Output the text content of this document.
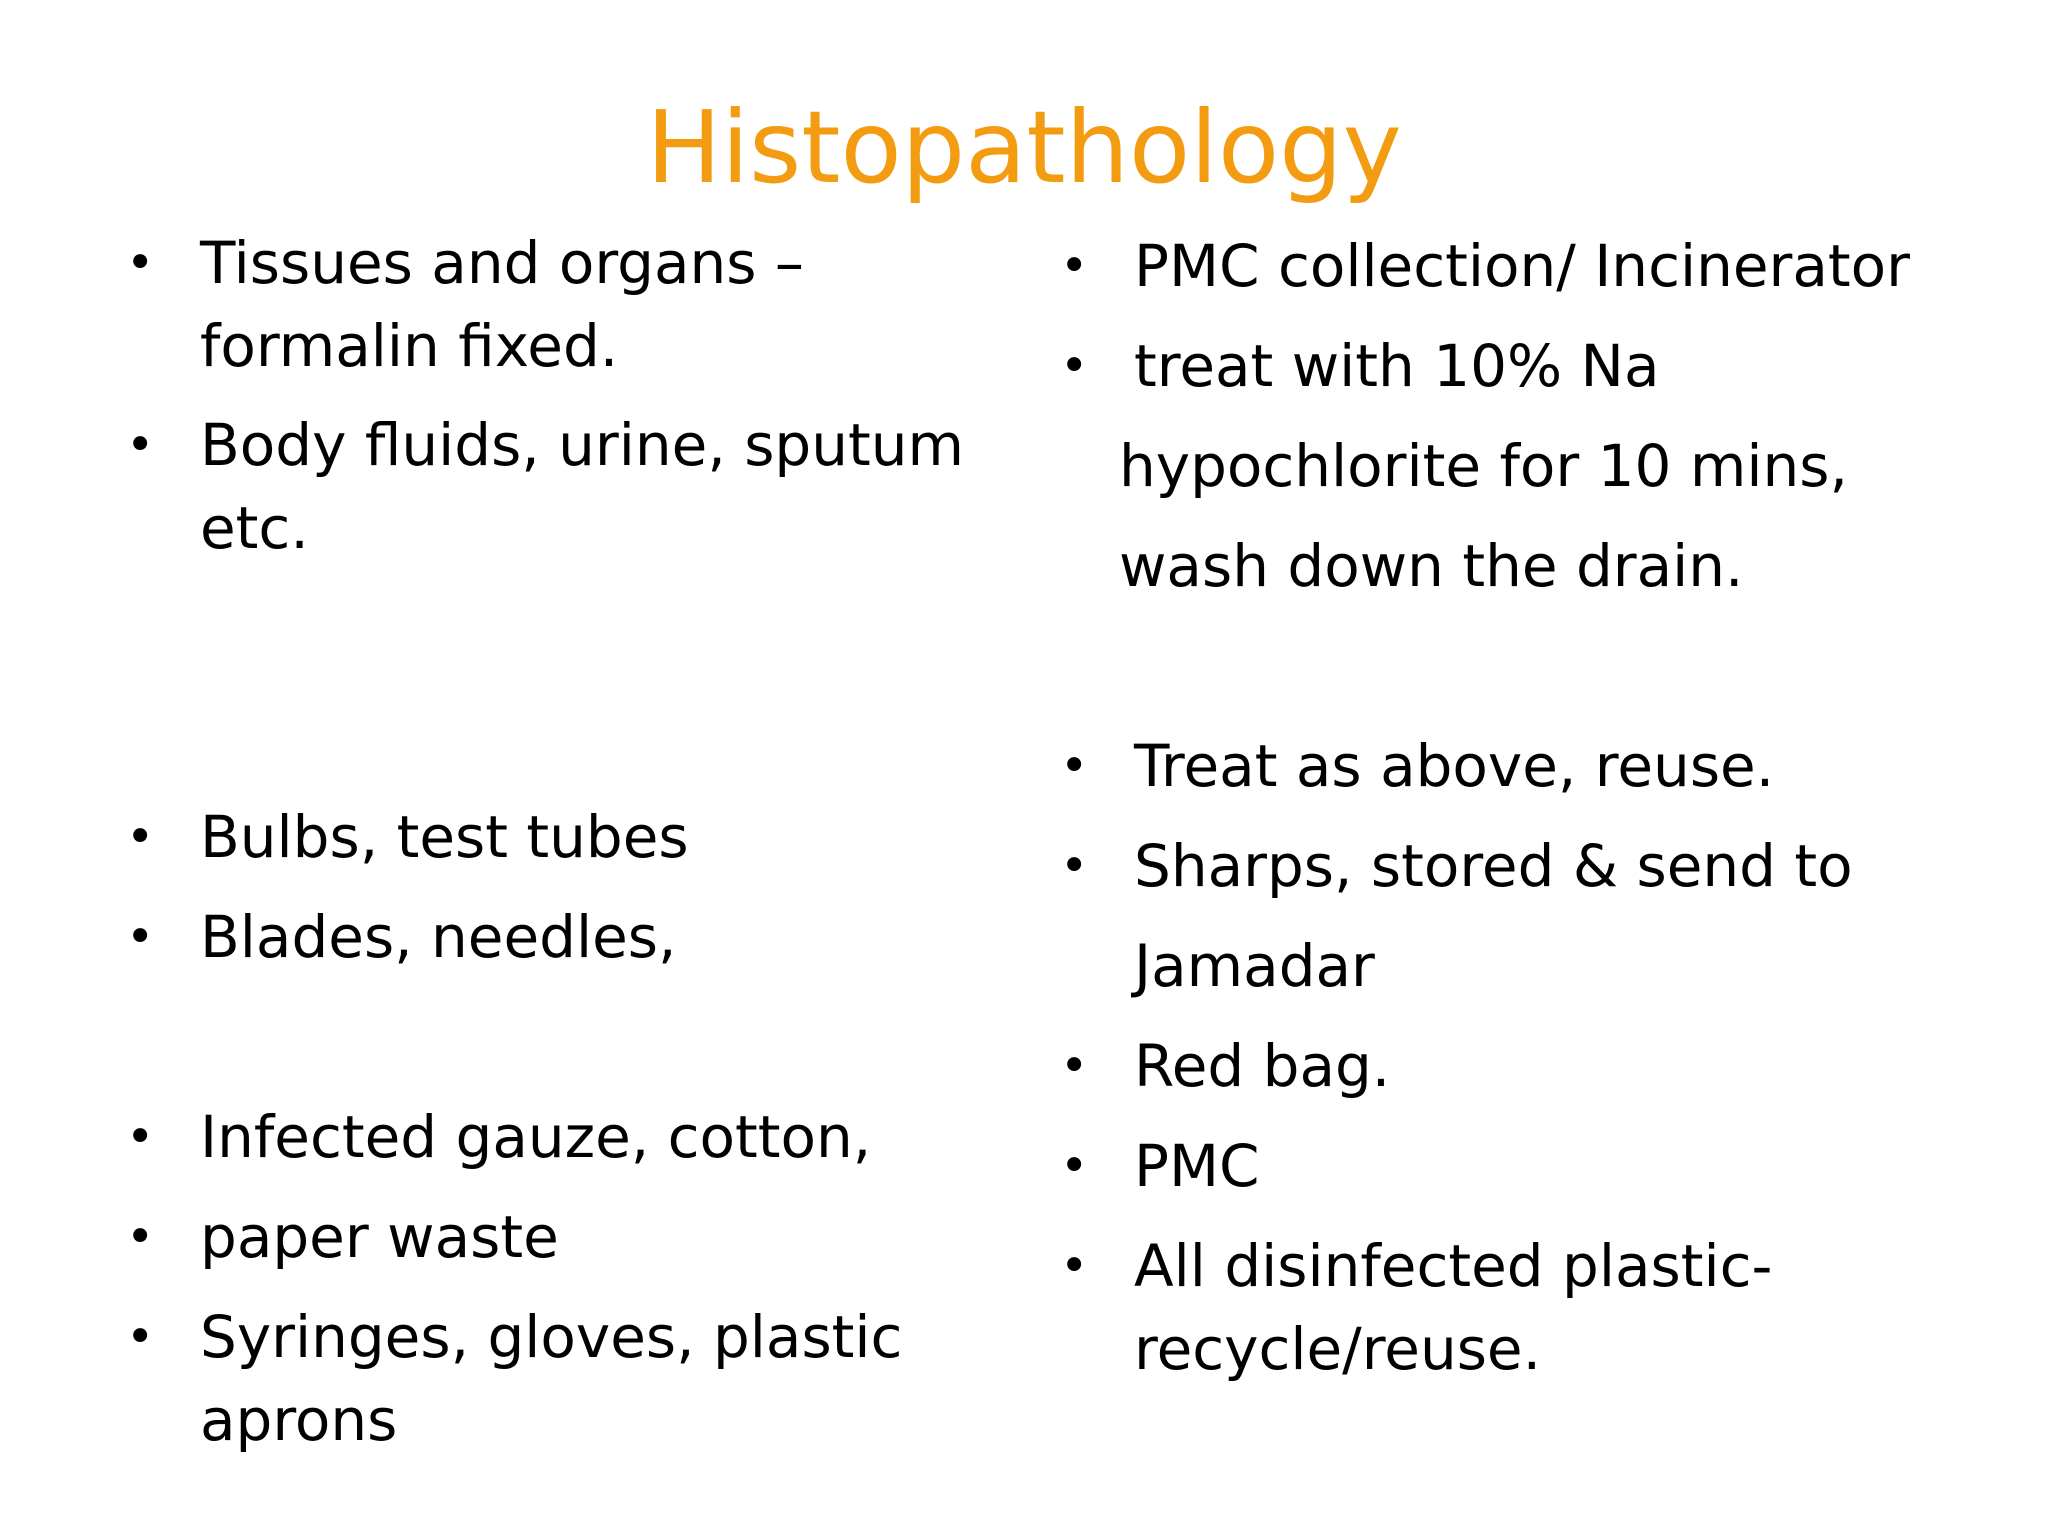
Histopathology
• Tissues and organs –
formalin fixed.
• Body fluids, urine, sputum
etc.
• Bulbs, test tubes
• Blades, needles,
• Infected gauze, cotton,
• paper waste
• Syringes, gloves, plastic
aprons
• PMC collection/ Incinerator
• treat with 10% Na
hypochlorite for 10 mins,
wash down the drain.
• Treat as above, reuse.
• Sharps, stored & send to
Jamadar
• Red bag.
• PMC
• All disinfected plastic-
recycle/reuse.
